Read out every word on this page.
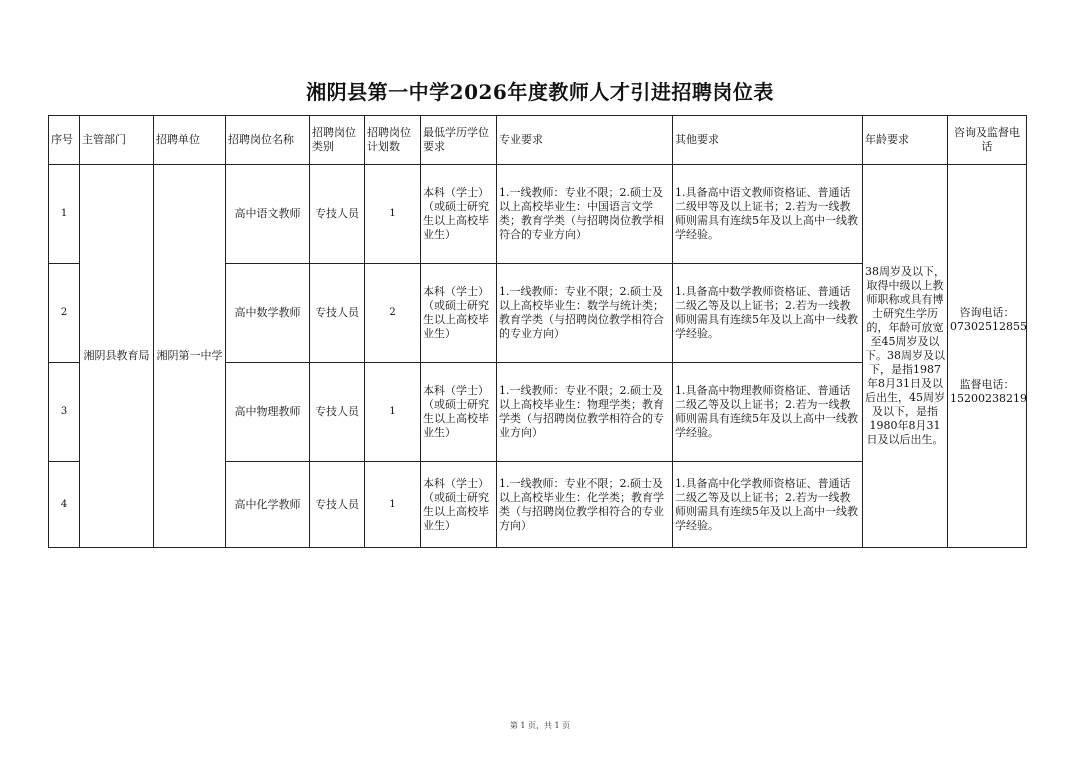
湘阴县第一中学2026年度教师人才引进招聘岗位表
序号	主管部门	招聘单位	招聘岗位名称	招聘岗位类别	招聘岗位计划数	最低学历学位要求	专业要求	其他要求	年龄要求	咨询及监督电话
1	湘阴县教育局	湘阴第一中学	高中语文教师	专技人员	1	本科（学士）（或硕士研究生以上高校毕业生）	1.一线教师：专业不限；2.硕士及以上高校毕业生：中国语言文学类；教育学类（与招聘岗位教学相符合的专业方向）	1.具备高中语文教师资格证、普通话二级甲等及以上证书；2.若为一线教师则需具有连续5年及以上高中一线教学经验。	38周岁及以下，取得中级以上教师职称或具有博士研究生学历的，年龄可放宽至45周岁及以下。38周岁及以下，是指1987年8月31日及以后出生，45周岁及以下，是指1980年8月31日及以后出生。	咨询电话：07302512855
监督电话：15200238219

2			高中数学教师	专技人员	2	本科（学士）（或硕士研究生以上高校毕业生）	1.一线教师：专业不限；2.硕士及以上高校毕业生：数学与统计类；教育学类（与招聘岗位教学相符合的专业方向）	1.具备高中数学教师资格证、普通话二级乙等及以上证书；2.若为一线教师则需具有连续5年及以上高中一线教学经验。		
3			高中物理教师	专技人员	1	本科（学士）（或硕士研究生以上高校毕业生）	1.一线教师：专业不限；2.硕士及以上高校毕业生：物理学类；教育学类（与招聘岗位教学相符合的专业方向）	1.具备高中物理教师资格证、普通话二级乙等及以上证书；2.若为一线教师则需具有连续5年及以上高中一线教学经验。		
4			高中化学教师	专技人员	1	本科（学士）（或硕士研究生以上高校毕业生）	1.一线教师：专业不限；2.硕士及以上高校毕业生：化学类；教育学类（与招聘岗位教学相符合的专业方向）	1.具备高中化学教师资格证、普通话二级乙等及以上证书；2.若为一线教师则需具有连续5年及以上高中一线教学经验。		
第 1 页，共 1 页
